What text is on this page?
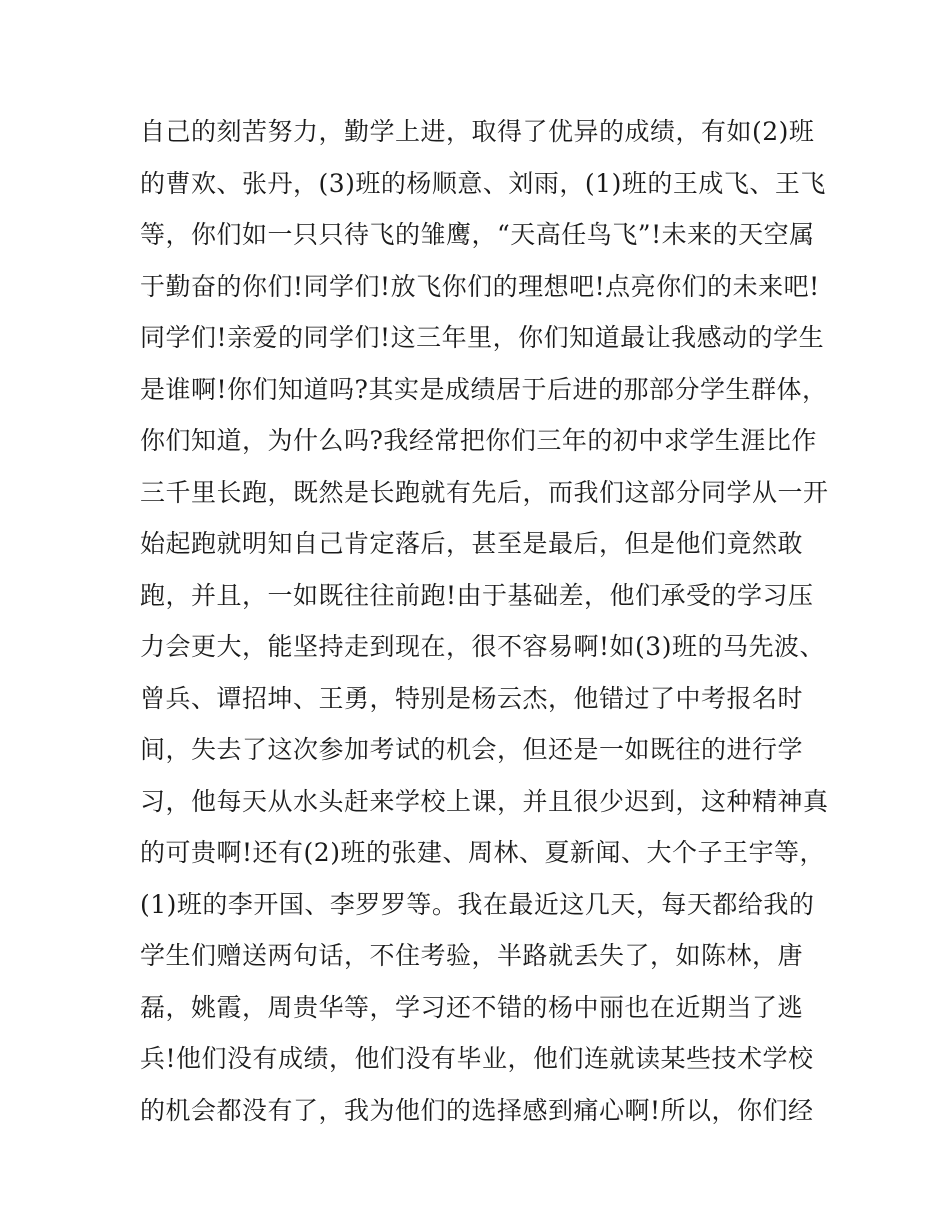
自己的刻苦努力，勤学上进，取得了优异的成绩，有如(2)班
的曹欢、张丹，(3)班的杨顺意、刘雨，(1)班的王成飞、王飞
等，你们如一只只待飞的雏鹰，“天高任鸟飞”!未来的天空属
于勤奋的你们!同学们!放飞你们的理想吧!点亮你们的未来吧!
同学们!亲爱的同学们!这三年里，你们知道最让我感动的学生
是谁啊!你们知道吗?其实是成绩居于后进的那部分学生群体，
你们知道，为什么吗?我经常把你们三年的初中求学生涯比作
三千里长跑，既然是长跑就有先后，而我们这部分同学从一开
始起跑就明知自己肯定落后，甚至是最后，但是他们竟然敢
跑，并且，一如既往往前跑!由于基础差，他们承受的学习压
力会更大，能坚持走到现在，很不容易啊!如(3)班的马先波、
曾兵、谭招坤、王勇，特别是杨云杰，他错过了中考报名时
间，失去了这次参加考试的机会，但还是一如既往的进行学
习，他每天从水头赶来学校上课，并且很少迟到，这种精神真
的可贵啊!还有(2)班的张建、周林、夏新闻、大个子王宇等，
(1)班的李开国、李罗罗等。我在最近这几天，每天都给我的
学生们赠送两句话，不住考验，半路就丢失了，如陈林，唐
磊，姚霞，周贵华等，学习还不错的杨中丽也在近期当了逃
兵!他们没有成绩，他们没有毕业，他们连就读某些技术学校
的机会都没有了，我为他们的选择感到痛心啊!所以，你们经
